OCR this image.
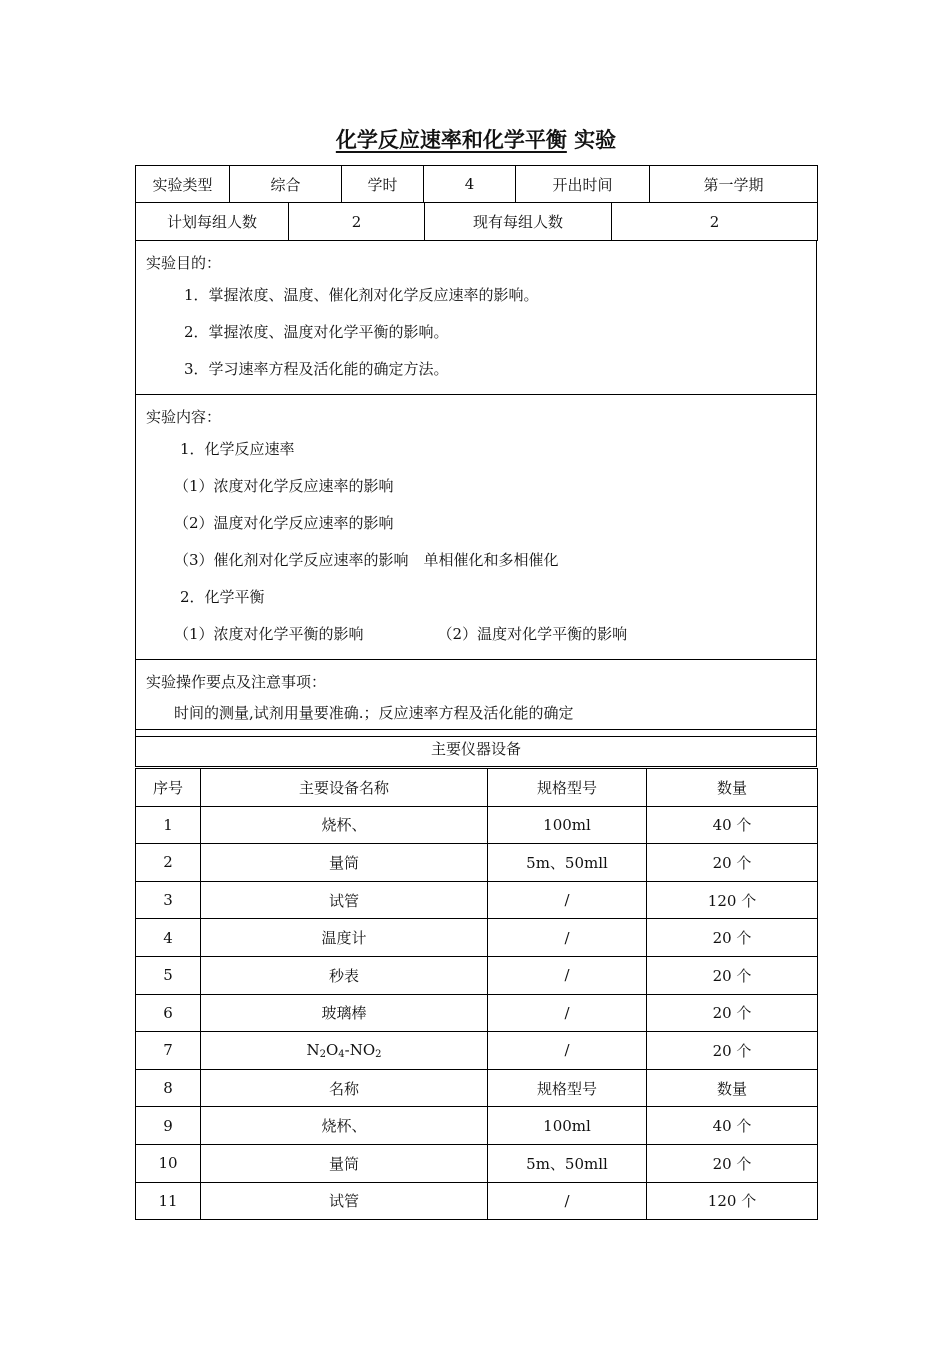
化学反应速率和化学平衡 实验
实验类型	综合	学时	4	开出时间	第一学期
计划每组人数	2	现有每组人数	2
实验目的：
1．掌握浓度、温度、催化剂对化学反应速率的影响。
2．掌握浓度、温度对化学平衡的影响。
3．学习速率方程及活化能的确定方法。

实验内容：
1．化学反应速率
（1）浓度对化学反应速率的影响
（2）温度对化学反应速率的影响
（3）催化剂对化学反应速率的影响　单相催化和多相催化
2．化学平衡
（1）浓度对化学平衡的影响	（2）温度对化学平衡的影响

实验操作要点及注意事项：
时间的测量,试剂用量要准确.；反应速率方程及活化能的确定
主要仪器设备
序号	主要设备名称	规格型号	数量
1	烧杯、	100ml	40 个
2	量筒	5m、50mll	20 个
3	试管	/	120 个
4	温度计	/	20 个
5	秒表	/	20 个
6	玻璃棒	/	20 个
7	$N_2O_4-NO_2$	/	20 个
8	名称	规格型号	数量
9	烧杯、	100ml	40 个
10	量筒	5m、50mll	20 个
11	试管	/	120 个
